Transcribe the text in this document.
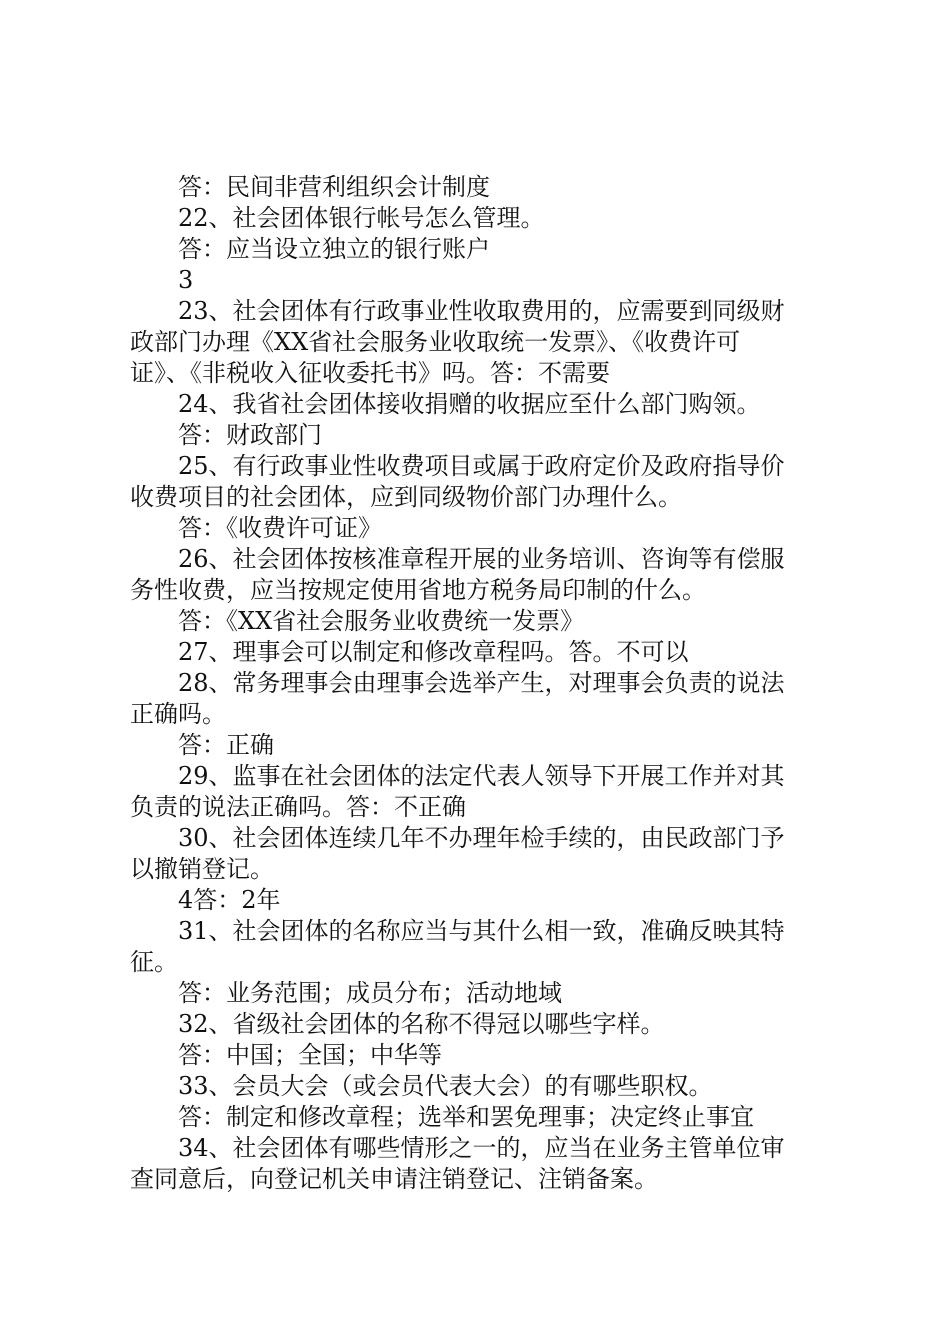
答：民间非营利组织会计制度
22、社会团体银行帐号怎么管理。
答：应当设立独立的银行账户
3
23、社会团体有行政事业性收取费用的，应需要到同级财
政部门办理《XX省社会服务业收取统一发票》、《收费许可
证》、《非税收入征收委托书》吗。答：不需要
24、我省社会团体接收捐赠的收据应至什么部门购领。
答：财政部门
25、有行政事业性收费项目或属于政府定价及政府指导价
收费项目的社会团体，应到同级物价部门办理什么。
答：《收费许可证》
26、社会团体按核准章程开展的业务培训、咨询等有偿服
务性收费，应当按规定使用省地方税务局印制的什么。
答：《XX省社会服务业收费统一发票》
27、理事会可以制定和修改章程吗。答。不可以
28、常务理事会由理事会选举产生，对理事会负责的说法
正确吗。
答：正确
29、监事在社会团体的法定代表人领导下开展工作并对其
负责的说法正确吗。答：不正确
30、社会团体连续几年不办理年检手续的，由民政部门予
以撤销登记。
4答：2年
31、社会团体的名称应当与其什么相一致，准确反映其特
征。
答：业务范围；成员分布；活动地域
32、省级社会团体的名称不得冠以哪些字样。
答：中国；全国；中华等
33、会员大会（或会员代表大会）的有哪些职权。
答：制定和修改章程；选举和罢免理事；决定终止事宜
34、社会团体有哪些情形之一的，应当在业务主管单位审
查同意后，向登记机关申请注销登记、注销备案。
